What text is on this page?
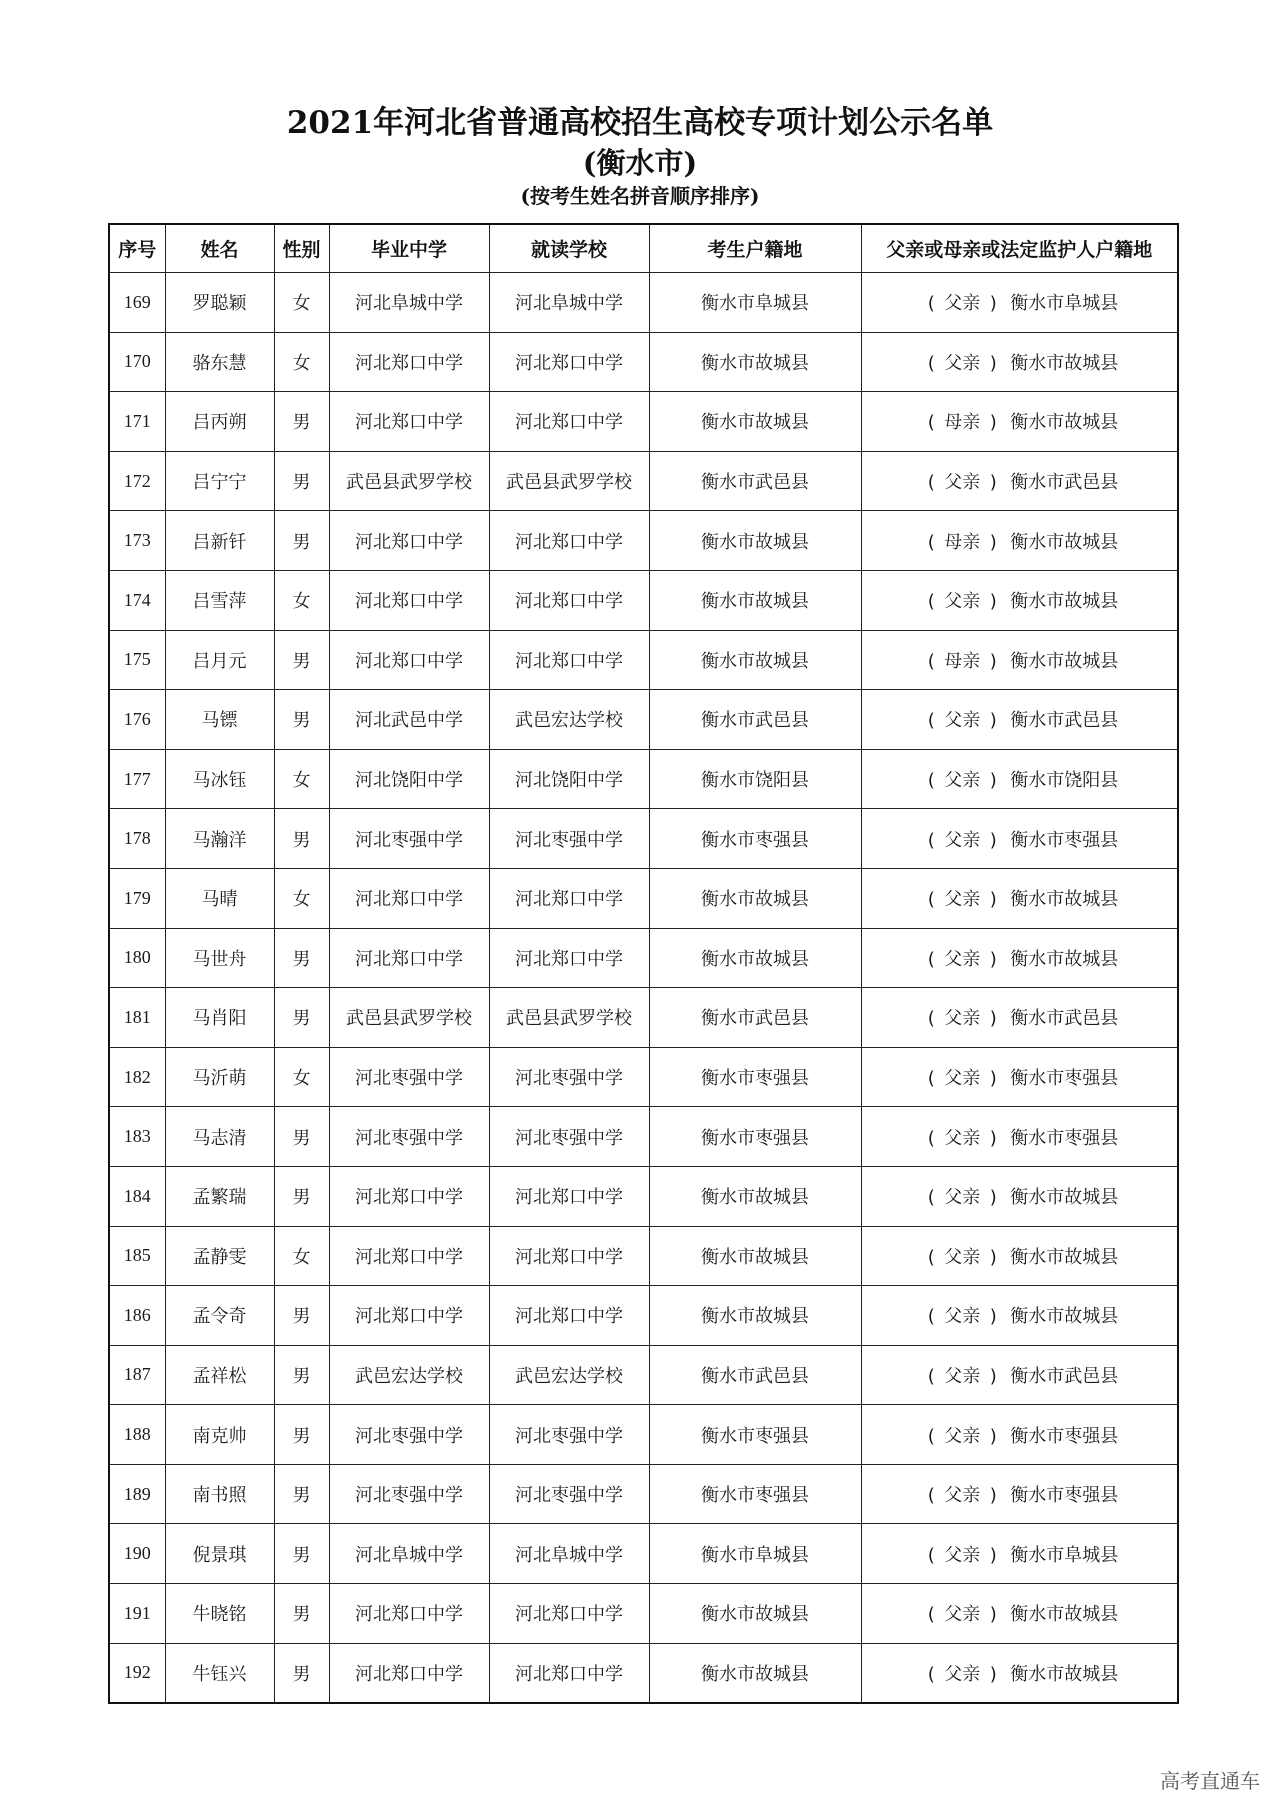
2021年河北省普通高校招生高校专项计划公示名单
(衡水市)
(按考生姓名拼音顺序排序)
序号	姓名	性别	毕业中学	就读学校	考生户籍地	父亲或母亲或法定监护人户籍地
169	罗聪颖	女	河北阜城中学	河北阜城中学	衡水市阜城县	( 父亲 ) 衡水市阜城县
170	骆东慧	女	河北郑口中学	河北郑口中学	衡水市故城县	( 父亲 ) 衡水市故城县
171	吕丙朔	男	河北郑口中学	河北郑口中学	衡水市故城县	( 母亲 ) 衡水市故城县
172	吕宁宁	男	武邑县武罗学校	武邑县武罗学校	衡水市武邑县	( 父亲 ) 衡水市武邑县
173	吕新钎	男	河北郑口中学	河北郑口中学	衡水市故城县	( 母亲 ) 衡水市故城县
174	吕雪萍	女	河北郑口中学	河北郑口中学	衡水市故城县	( 父亲 ) 衡水市故城县
175	吕月元	男	河北郑口中学	河北郑口中学	衡水市故城县	( 母亲 ) 衡水市故城县
176	马镖	男	河北武邑中学	武邑宏达学校	衡水市武邑县	( 父亲 ) 衡水市武邑县
177	马冰钰	女	河北饶阳中学	河北饶阳中学	衡水市饶阳县	( 父亲 ) 衡水市饶阳县
178	马瀚洋	男	河北枣强中学	河北枣强中学	衡水市枣强县	( 父亲 ) 衡水市枣强县
179	马晴	女	河北郑口中学	河北郑口中学	衡水市故城县	( 父亲 ) 衡水市故城县
180	马世舟	男	河北郑口中学	河北郑口中学	衡水市故城县	( 父亲 ) 衡水市故城县
181	马肖阳	男	武邑县武罗学校	武邑县武罗学校	衡水市武邑县	( 父亲 ) 衡水市武邑县
182	马沂萌	女	河北枣强中学	河北枣强中学	衡水市枣强县	( 父亲 ) 衡水市枣强县
183	马志清	男	河北枣强中学	河北枣强中学	衡水市枣强县	( 父亲 ) 衡水市枣强县
184	孟繁瑞	男	河北郑口中学	河北郑口中学	衡水市故城县	( 父亲 ) 衡水市故城县
185	孟静雯	女	河北郑口中学	河北郑口中学	衡水市故城县	( 父亲 ) 衡水市故城县
186	孟令奇	男	河北郑口中学	河北郑口中学	衡水市故城县	( 父亲 ) 衡水市故城县
187	孟祥松	男	武邑宏达学校	武邑宏达学校	衡水市武邑县	( 父亲 ) 衡水市武邑县
188	南克帅	男	河北枣强中学	河北枣强中学	衡水市枣强县	( 父亲 ) 衡水市枣强县
189	南书照	男	河北枣强中学	河北枣强中学	衡水市枣强县	( 父亲 ) 衡水市枣强县
190	倪景琪	男	河北阜城中学	河北阜城中学	衡水市阜城县	( 父亲 ) 衡水市阜城县
191	牛晓铭	男	河北郑口中学	河北郑口中学	衡水市故城县	( 父亲 ) 衡水市故城县
192	牛钰兴	男	河北郑口中学	河北郑口中学	衡水市故城县	( 父亲 ) 衡水市故城县
高考直通车
